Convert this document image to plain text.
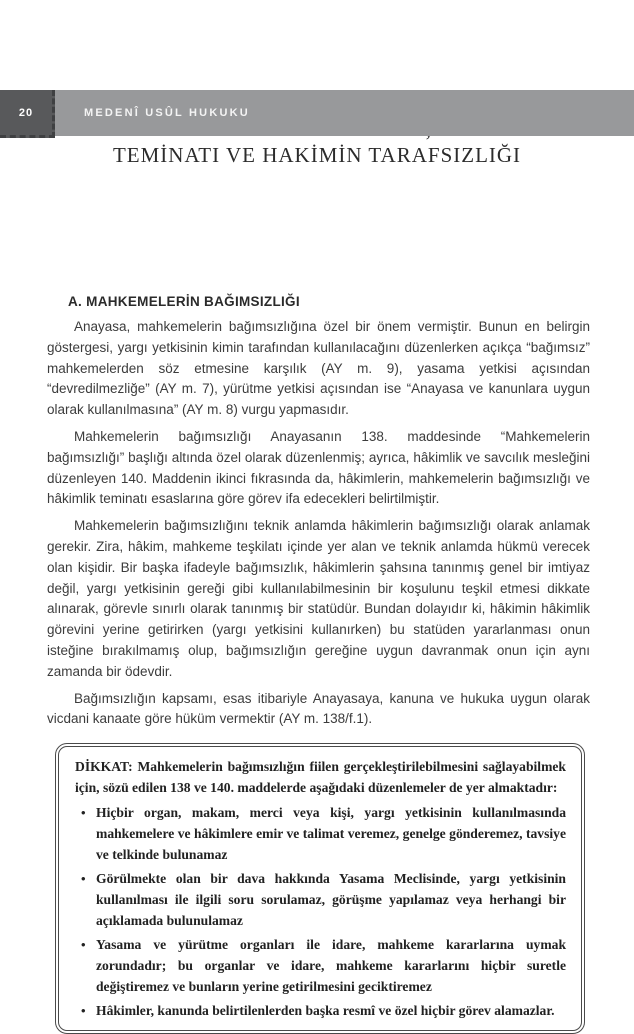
20	MEDENÎ USÛL HUKUKU
TEMİNATI VE HAKİMİN TARAFSIZLIĞI
A. MAHKEMELERİN BAĞIMSIZLIĞI

Anayasa, mahkemelerin bağımsızlığına özel bir önem vermiştir. Bunun en belirgin göstergesi, yargı yetkisinin kimin tarafından kullanılacağını düzenlerken açıkça “bağımsız” mahkemelerden söz etmesine karşılık (AY m. 9), yasama yetkisi açısından “devredilmezliğe” (AY m. 7), yürütme yetkisi açısından ise “Anayasa ve kanunlara uygun olarak kullanılmasına” (AY m. 8) vurgu yapmasıdır.

Mahkemelerin bağımsızlığı Anayasanın 138. maddesinde “Mahkemelerin bağımsızlığı” başlığı altında özel olarak düzenlenmiş; ayrıca, hâkimlik ve savcılık mesleğini düzenleyen 140. Maddenin ikinci fıkrasında da, hâkimlerin, mahkemelerin bağımsızlığı ve hâkimlik teminatı esaslarına göre görev ifa edecekleri belirtilmiştir.

Mahkemelerin bağımsızlığını teknik anlamda hâkimlerin bağımsızlığı olarak anlamak gerekir. Zira, hâkim, mahkeme teşkilatı içinde yer alan ve teknik anlamda hükmü verecek olan kişidir. Bir başka ifadeyle bağımsızlık, hâkimlerin şahsına tanınmış genel bir imtiyaz değil, yargı yetkisinin gereği gibi kullanılabilmesinin bir koşulunu teşkil etmesi dikkate alınarak, görevle sınırlı olarak tanınmış bir statüdür. Bundan dolayıdır ki, hâkimin hâkimlik görevini yerine getirirken (yargı yetkisini kullanırken) bu statüden yararlanması onun isteğine bırakılmamış olup, bağımsızlığın gereğine uygun davranmak onun için aynı zamanda bir ödevdir.

Bağımsızlığın kapsamı, esas itibariyle Anayasaya, kanuna ve hukuka uygun olarak vicdani kanaate göre hüküm vermektir (AY m. 138/f.1).

DİKKAT: Mahkemelerin bağımsızlığın fiilen gerçekleştirilebilmesini sağlayabilmek için, sözü edilen 138 ve 140. maddelerde aşağıdaki düzenlemeler de yer almaktadır:

• Hiçbir organ, makam, merci veya kişi, yargı yetkisinin kullanılmasında mahkemelere ve hâkimlere emir ve talimat veremez, genelge gönderemez, tavsiye ve telkinde bulunamaz
• Görülmekte olan bir dava hakkında Yasama Meclisinde, yargı yetkisinin kullanılması ile ilgili soru sorulamaz, görüşme yapılamaz veya herhangi bir açıklamada bulunulamaz
• Yasama ve yürütme organları ile idare, mahkeme kararlarına uymak zorundadır; bu organlar ve idare, mahkeme kararlarını hiçbir suretle değiştiremez ve bunların yerine getirilmesini geciktiremez
• Hâkimler, kanunda belirtilenlerden başka resmî ve özel hiçbir görev alamazlar.
